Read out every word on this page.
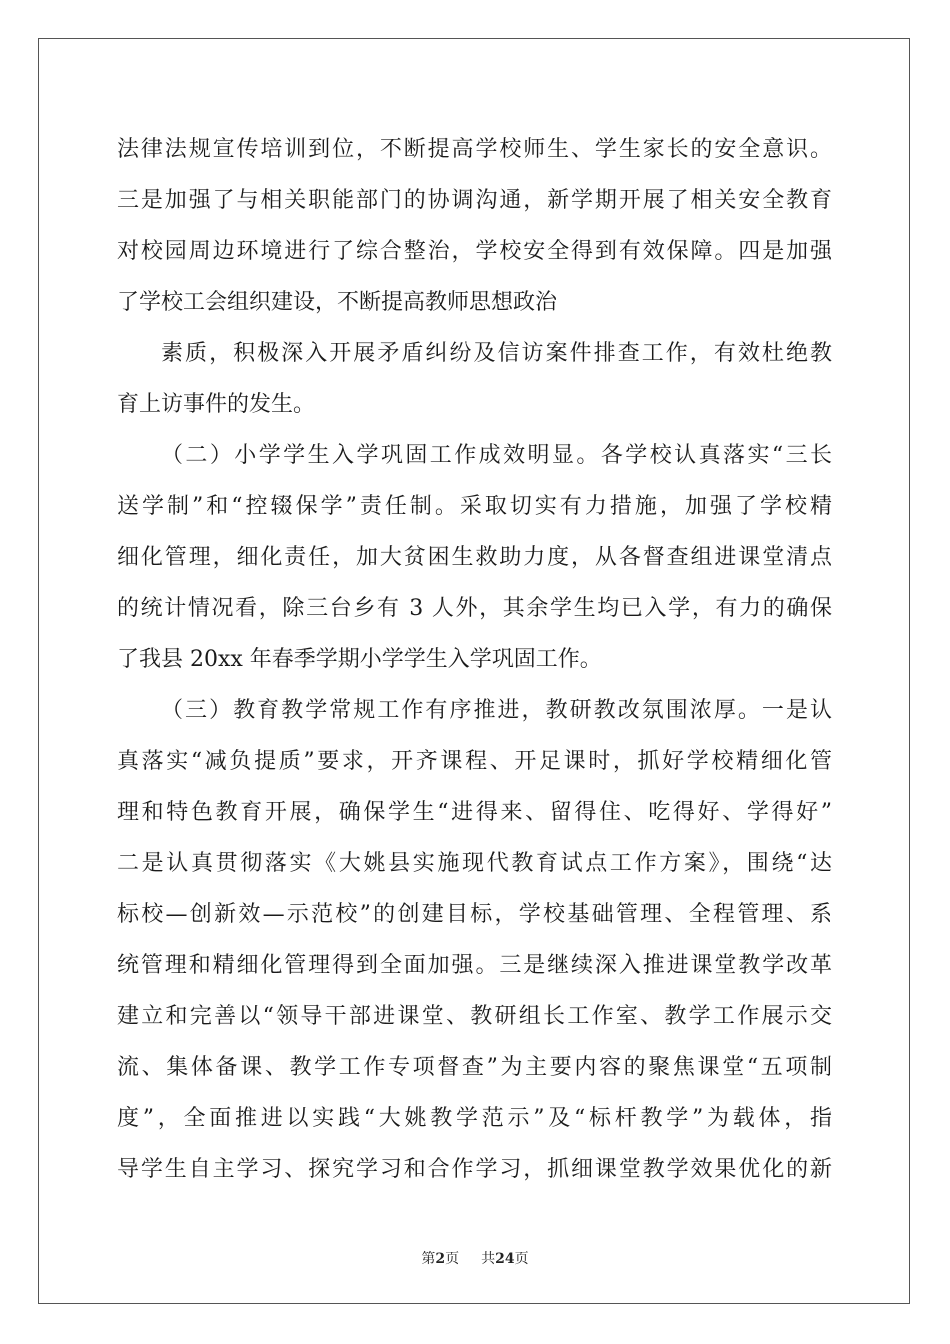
法律法规宣传培训到位，不断提高学校师生、学生家长的安全意识。
三是加强了与相关职能部门的协调沟通，新学期开展了相关安全教育
对校园周边环境进行了综合整治，学校安全得到有效保障。四是加强
了学校工会组织建设，不断提高教师思想政治
素质，积极深入开展矛盾纠纷及信访案件排查工作，有效杜绝教
育上访事件的发生。
（二）小学学生入学巩固工作成效明显。各学校认真落实“三长
送学制”和“控辍保学”责任制。采取切实有力措施，加强了学校精
细化管理，细化责任，加大贫困生救助力度，从各督查组进课堂清点
的统计情况看，除三台乡有 3 人外，其余学生均已入学，有力的确保
了我县 20xx 年春季学期小学学生入学巩固工作。
（三）教育教学常规工作有序推进，教研教改氛围浓厚。一是认
真落实“减负提质”要求，开齐课程、开足课时，抓好学校精细化管
理和特色教育开展，确保学生“进得来、留得住、吃得好、学得好”
二是认真贯彻落实《大姚县实施现代教育试点工作方案》，围绕“达
标校—创新效—示范校”的创建目标，学校基础管理、全程管理、系
统管理和精细化管理得到全面加强。三是继续深入推进课堂教学改革
建立和完善以“领导干部进课堂、教研组长工作室、教学工作展示交
流、集体备课、教学工作专项督查”为主要内容的聚焦课堂“五项制
度”，全面推进以实践“大姚教学范示”及“标杆教学”为载体，指
导学生自主学习、探究学习和合作学习，抓细课堂教学效果优化的新
第2页 共24页
